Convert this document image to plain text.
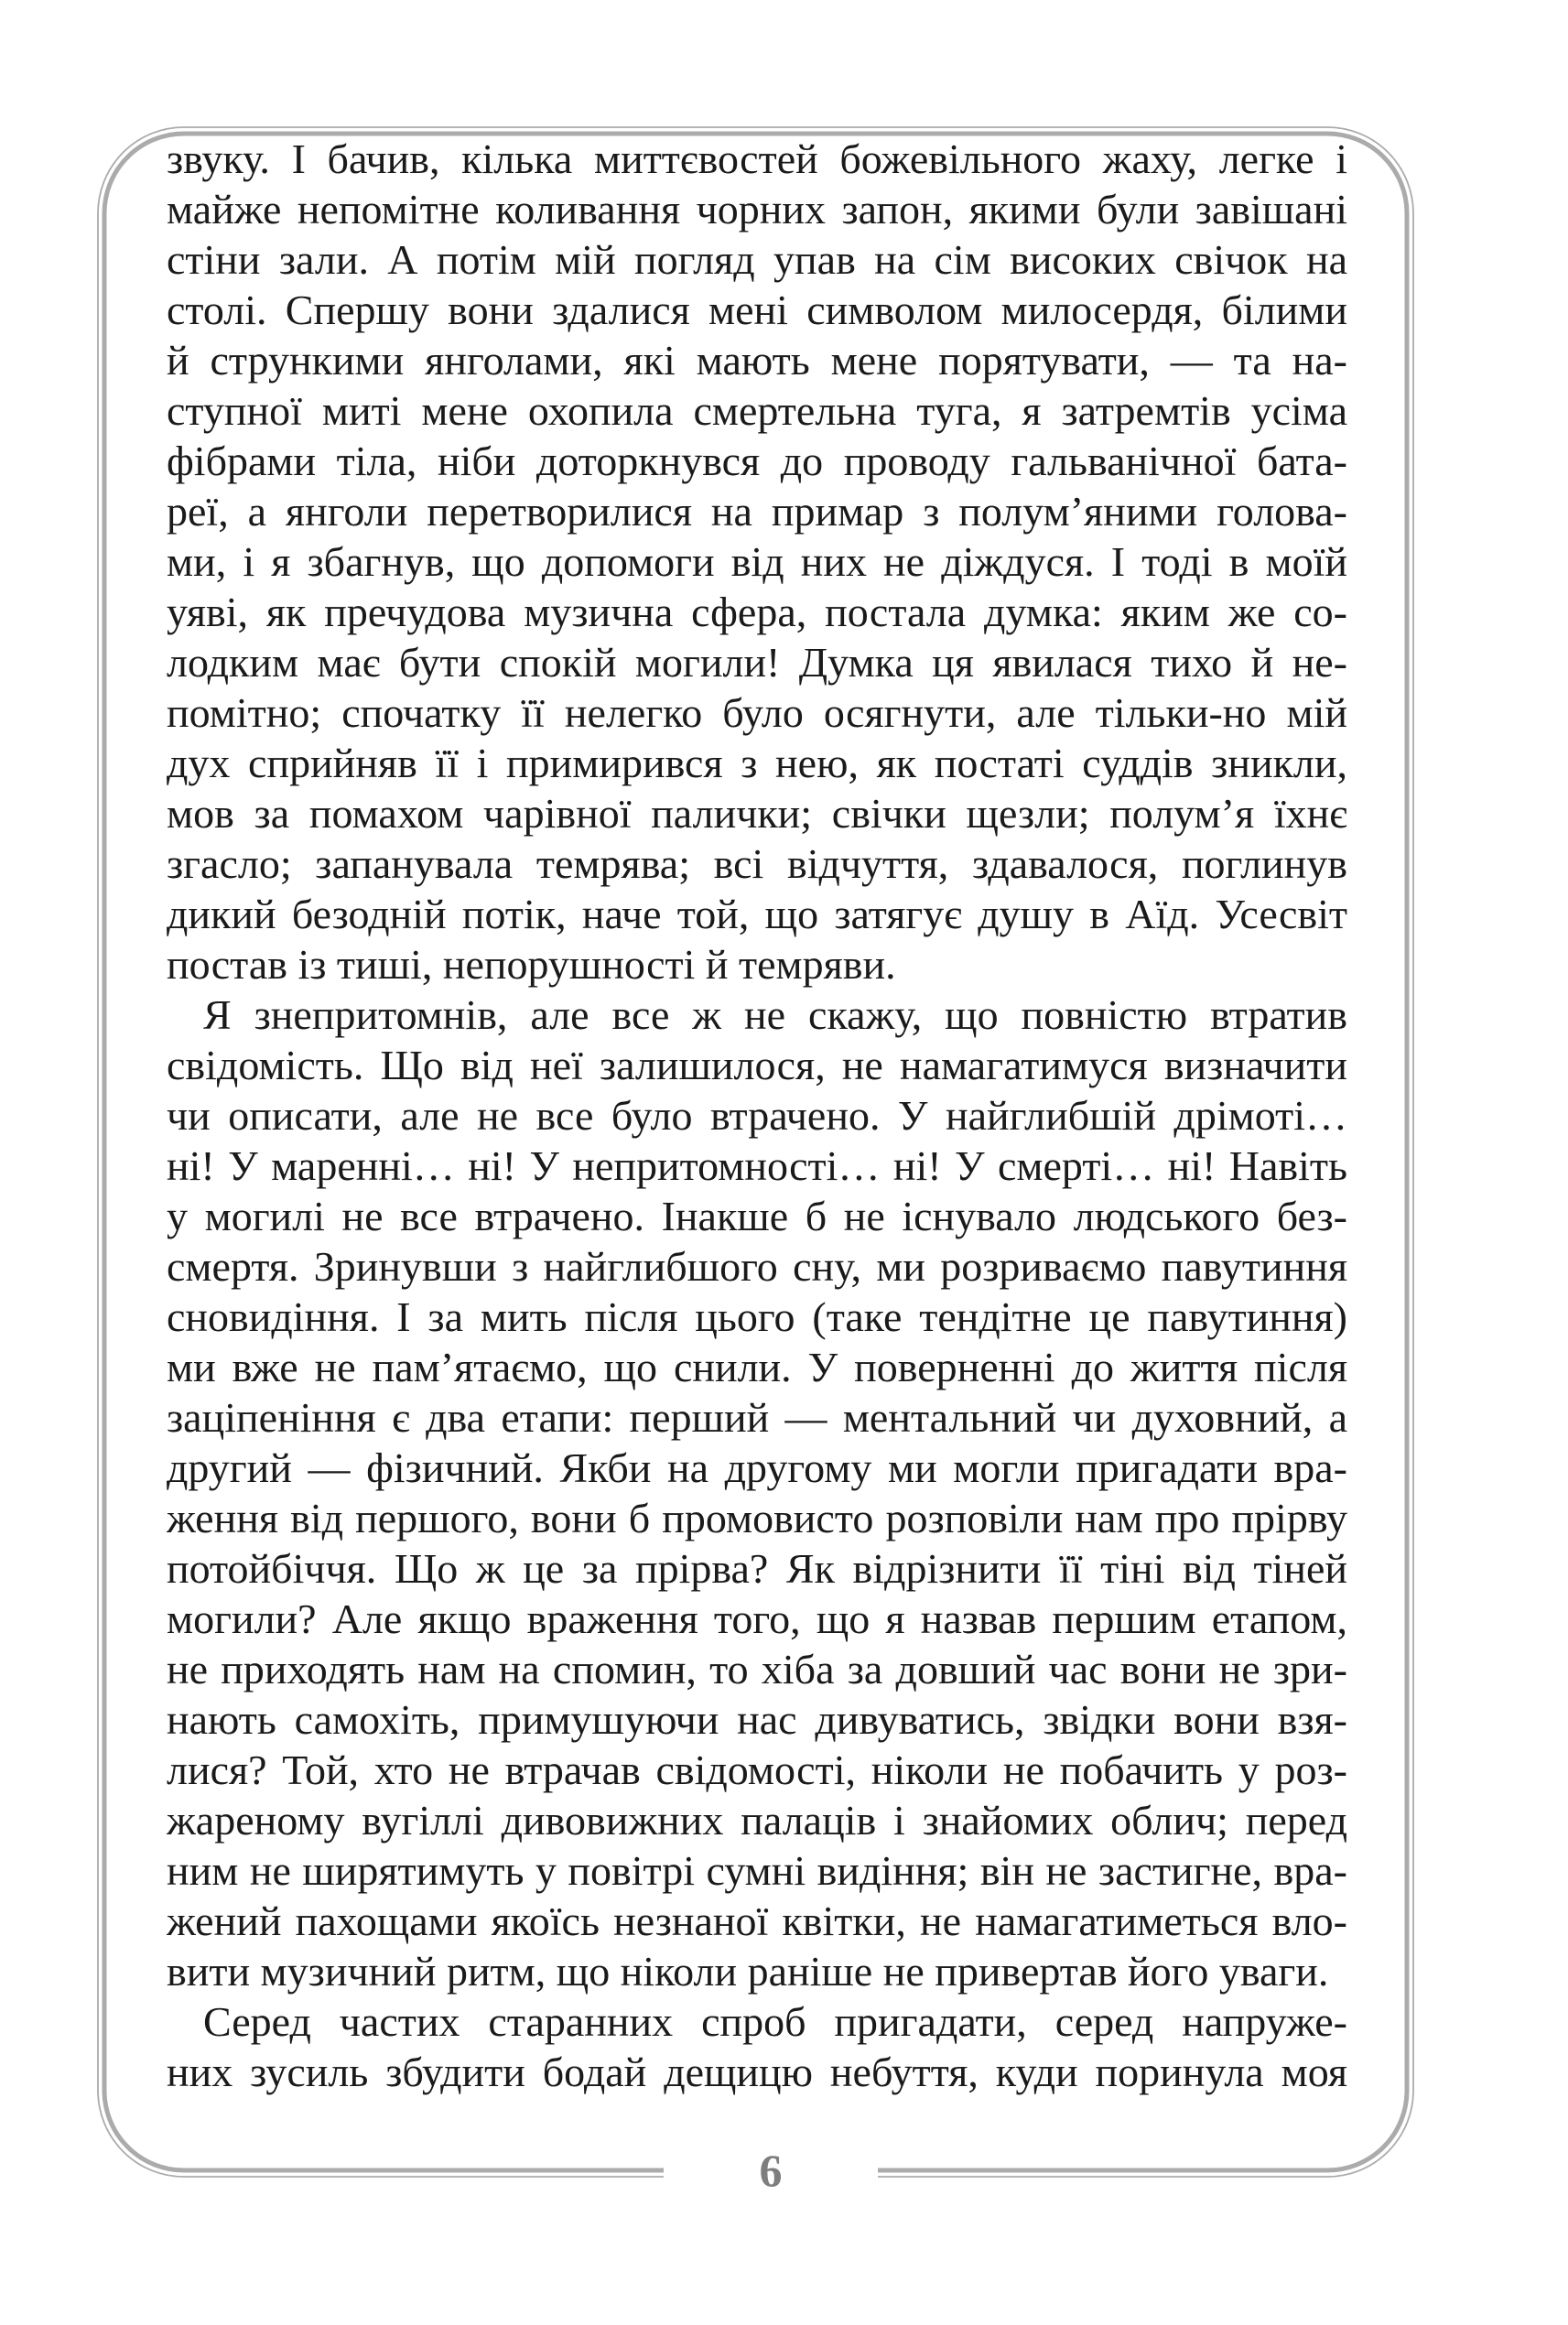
звуку. І бачив, кілька миттєвостей божевільного жаху, легке і
майже непомітне коливання чорних запон, якими були завішані
стіни зали. А потім мій погляд упав на сім високих свічок на
столі. Спершу вони здалися мені символом милосердя, білими
й стрункими янголами, які мають мене порятувати, — та на-
ступної миті мене охопила смертельна туга, я затремтів усіма
фібрами тіла, ніби доторкнувся до проводу гальванічної бата-
реї, а янголи перетворилися на примар з полум’яними голова-
ми, і я збагнув, що допомоги від них не діждуся. І тоді в моїй
уяві, як пречудова музична сфера, постала думка: яким же со-
лодким має бути спокій могили! Думка ця явилася тихо й не-
помітно; спочатку її нелегко було осягнути, але тільки-но мій
дух сприйняв її і примирився з нею, як постаті суддів зникли,
мов за помахом чарівної палички; свічки щезли; полум’я їхнє
згасло; запанувала темрява; всі відчуття, здавалося, поглинув
дикий безодній потік, наче той, що затягує душу в Аїд. Усесвіт
постав із тиші, непорушності й темряви.
Я знепритомнів, але все ж не скажу, що повністю втратив
свідомість. Що від неї залишилося, не намагатимуся визначити
чи описати, але не все було втрачено. У найглибшій дрімоті…
ні! У маренні… ні! У непритомності… ні! У смерті… ні! Навіть
у могилі не все втрачено. Інакше б не існувало людського без-
смертя. Зринувши з найглибшого сну, ми розриваємо павутиння
сновидіння. І за мить після цього (таке тендітне це павутиння)
ми вже не пам’ятаємо, що снили. У поверненні до життя після
заціпеніння є два етапи: перший — ментальний чи духовний, а
другий — фізичний. Якби на другому ми могли пригадати вра-
ження від першого, вони б промовисто розповіли нам про прірву
потойбіччя. Що ж це за прірва? Як відрізнити її тіні від тіней
могили? Але якщо враження того, що я назвав першим етапом,
не приходять нам на спомин, то хіба за довший час вони не зри-
нають самохіть, примушуючи нас дивуватись, звідки вони взя-
лися? Той, хто не втрачав свідомості, ніколи не побачить у роз-
жареному вугіллі дивовижних палаців і знайомих облич; перед
ним не ширятимуть у повітрі сумні видіння; він не застигне, вра-
жений пахощами якоїсь незнаної квітки, не намагатиметься вло-
вити музичний ритм, що ніколи раніше не привертав його уваги.
Серед частих старанних спроб пригадати, серед напруже-
них зусиль збудити бодай дещицю небуття, куди поринула моя
6
